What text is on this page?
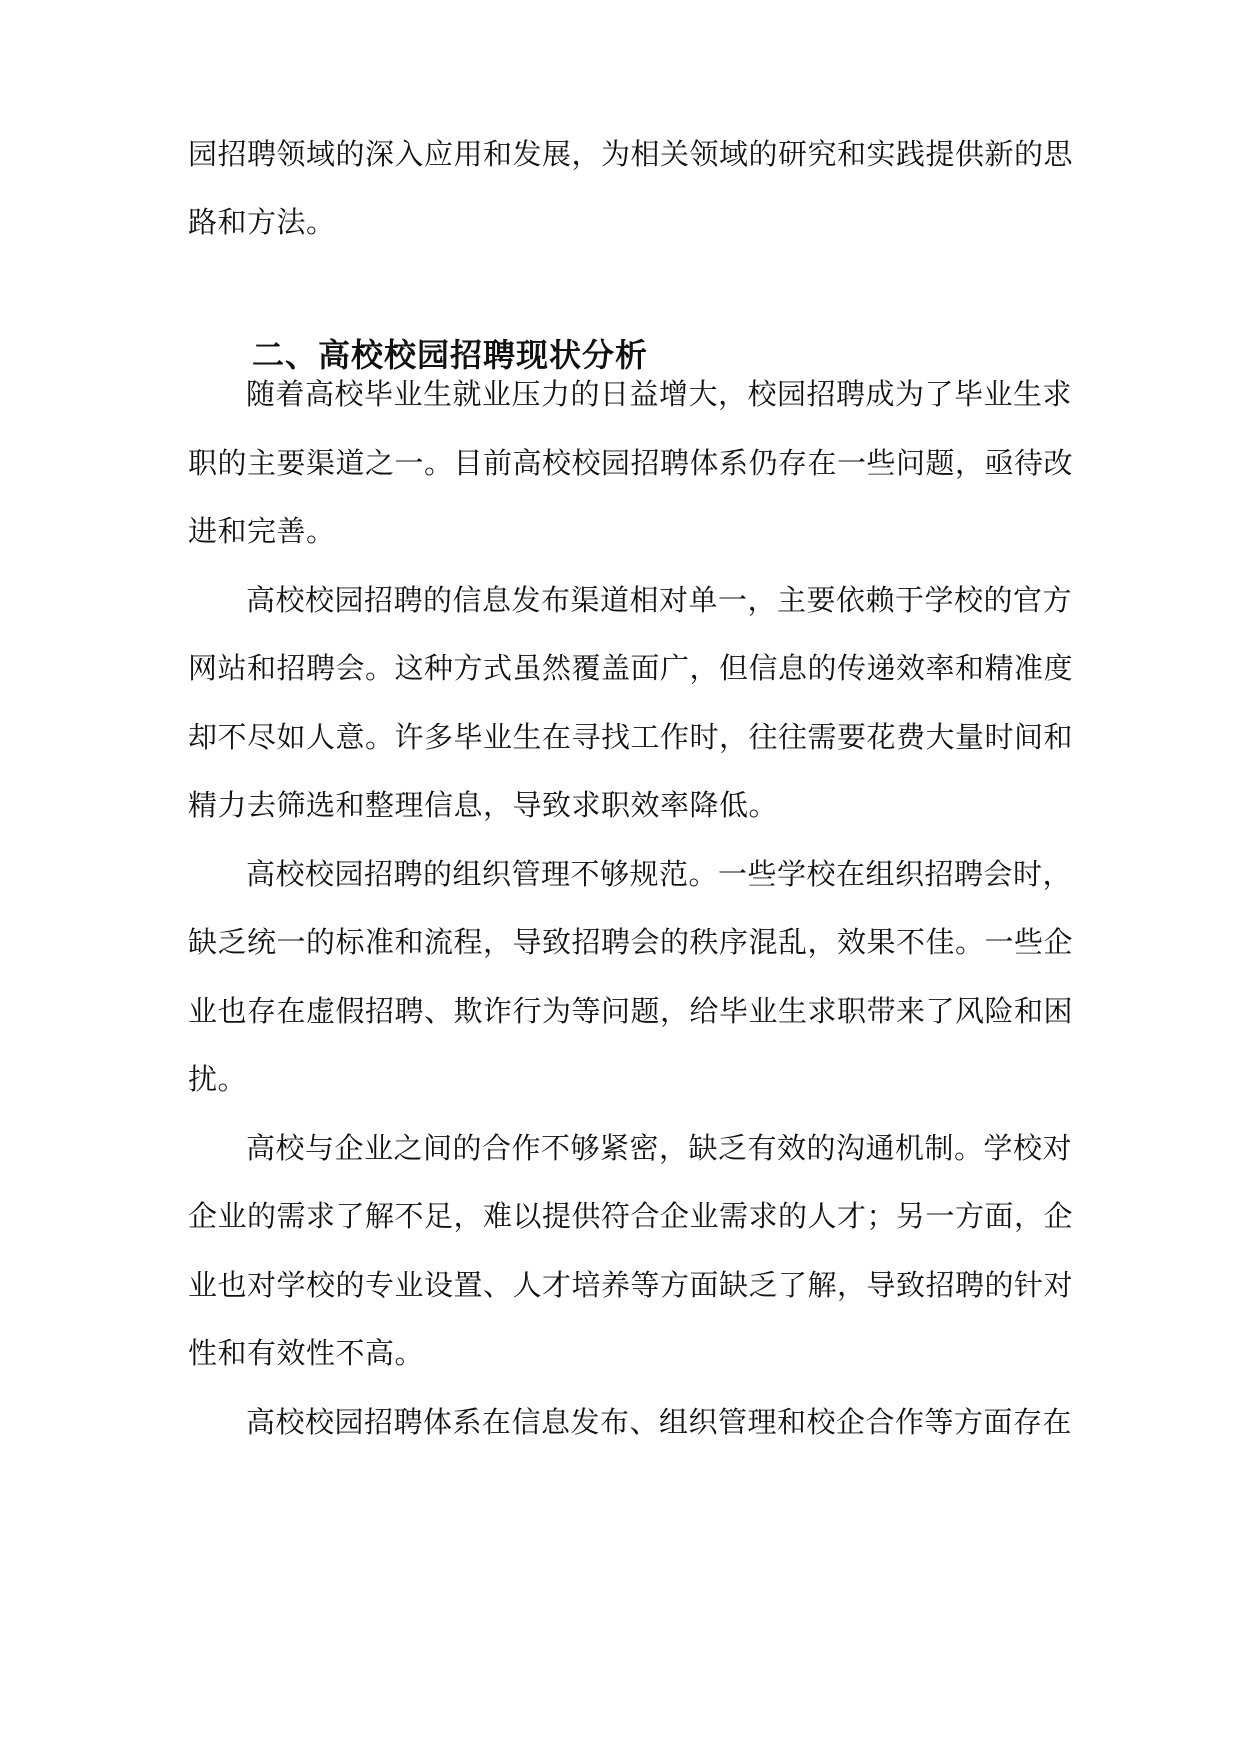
园招聘领域的深入应用和发展，为相关领域的研究和实践提供新的思
路和方法。
二、高校校园招聘现状分析
随着高校毕业生就业压力的日益增大，校园招聘成为了毕业生求
职的主要渠道之一。目前高校校园招聘体系仍存在一些问题，亟待改
进和完善。
高校校园招聘的信息发布渠道相对单一，主要依赖于学校的官方
网站和招聘会。这种方式虽然覆盖面广，但信息的传递效率和精准度
却不尽如人意。许多毕业生在寻找工作时，往往需要花费大量时间和
精力去筛选和整理信息，导致求职效率降低。
高校校园招聘的组织管理不够规范。一些学校在组织招聘会时，
缺乏统一的标准和流程，导致招聘会的秩序混乱，效果不佳。一些企
业也存在虚假招聘、欺诈行为等问题，给毕业生求职带来了风险和困
扰。
高校与企业之间的合作不够紧密，缺乏有效的沟通机制。学校对
企业的需求了解不足，难以提供符合企业需求的人才；另一方面，企
业也对学校的专业设置、人才培养等方面缺乏了解，导致招聘的针对
性和有效性不高。
高校校园招聘体系在信息发布、组织管理和校企合作等方面存在
